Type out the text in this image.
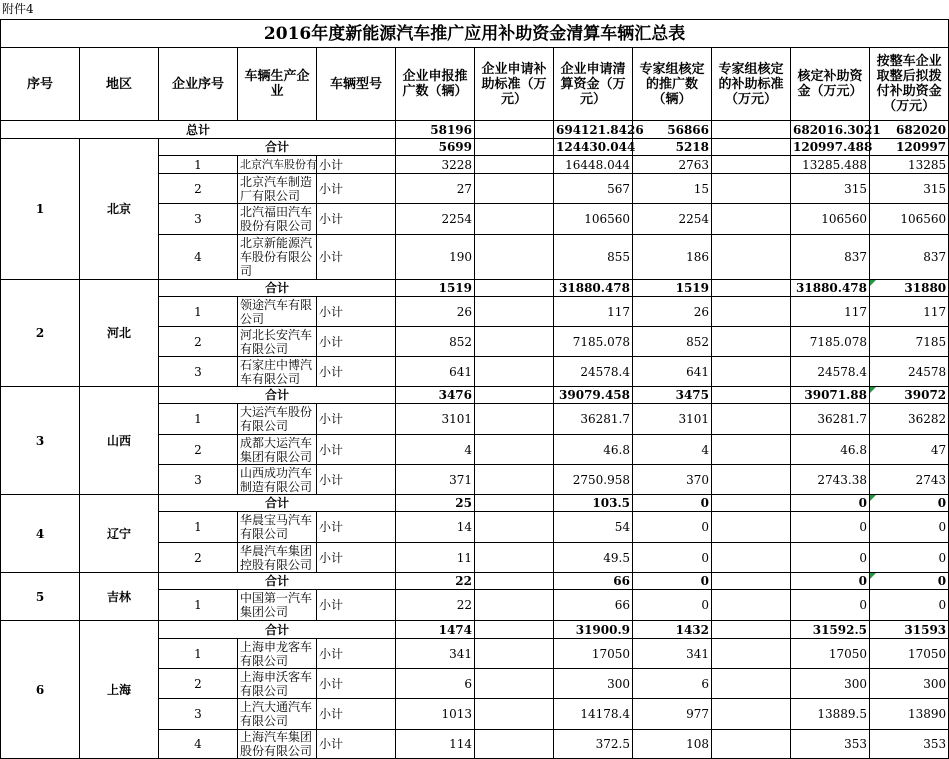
附件4
2016年度新能源汽车推广应用补助资金清算车辆汇总表											
序号	地区	企业序号	车辆生产企业	车辆型号	企业申报推广数（辆）	企业申请补助标准（万元）	企业申请清算资金（万元）	专家组核定的推广数（辆）	专家组核定的补助标准（万元）	核定补助资金（万元）	按整车企业取整后拟拨付补助资金（万元）
总计					58196		694121.8426	56866		682016.3021	682020
1	北京	合计			5699		124430.044	5218		120997.488	120997
		1	北京汽车股份有	小计	3228		16448.044	2763		13285.488	13285
		2	北京汽车制造厂有限公司	小计	27		567	15		315	315
		3	北汽福田汽车股份有限公司	小计	2254		106560	2254		106560	106560
		4	北京新能源汽车股份有限公司	小计	190		855	186		837	837
2	河北	合计			1519		31880.478	1519		31880.478	31880
		1	领途汽车有限公司	小计	26		117	26		117	117
		2	河北长安汽车有限公司	小计	852		7185.078	852		7185.078	7185
		3	石家庄中博汽车有限公司	小计	641		24578.4	641		24578.4	24578
3	山西	合计			3476		39079.458	3475		39071.88	39072
		1	大运汽车股份有限公司	小计	3101		36281.7	3101		36281.7	36282
		2	成都大运汽车集团有限公司	小计	4		46.8	4		46.8	47
		3	山西成功汽车制造有限公司	小计	371		2750.958	370		2743.38	2743
4	辽宁	合计			25		103.5	0		0	0
		1	华晨宝马汽车有限公司	小计	14		54	0		0	0
		2	华晨汽车集团控股有限公司	小计	11		49.5	0		0	0
5	吉林	合计			22		66	0		0	0
		1	中国第一汽车集团公司	小计	22		66	0		0	0
6	上海	合计			1474		31900.9	1432		31592.5	31593
		1	上海申龙客车有限公司	小计	341		17050	341		17050	17050
		2	上海申沃客车有限公司	小计	6		300	6		300	300
		3	上汽大通汽车有限公司	小计	1013		14178.4	977		13889.5	13890
		4	上海汽车集团股份有限公司	小计	114		372.5	108		353	353
